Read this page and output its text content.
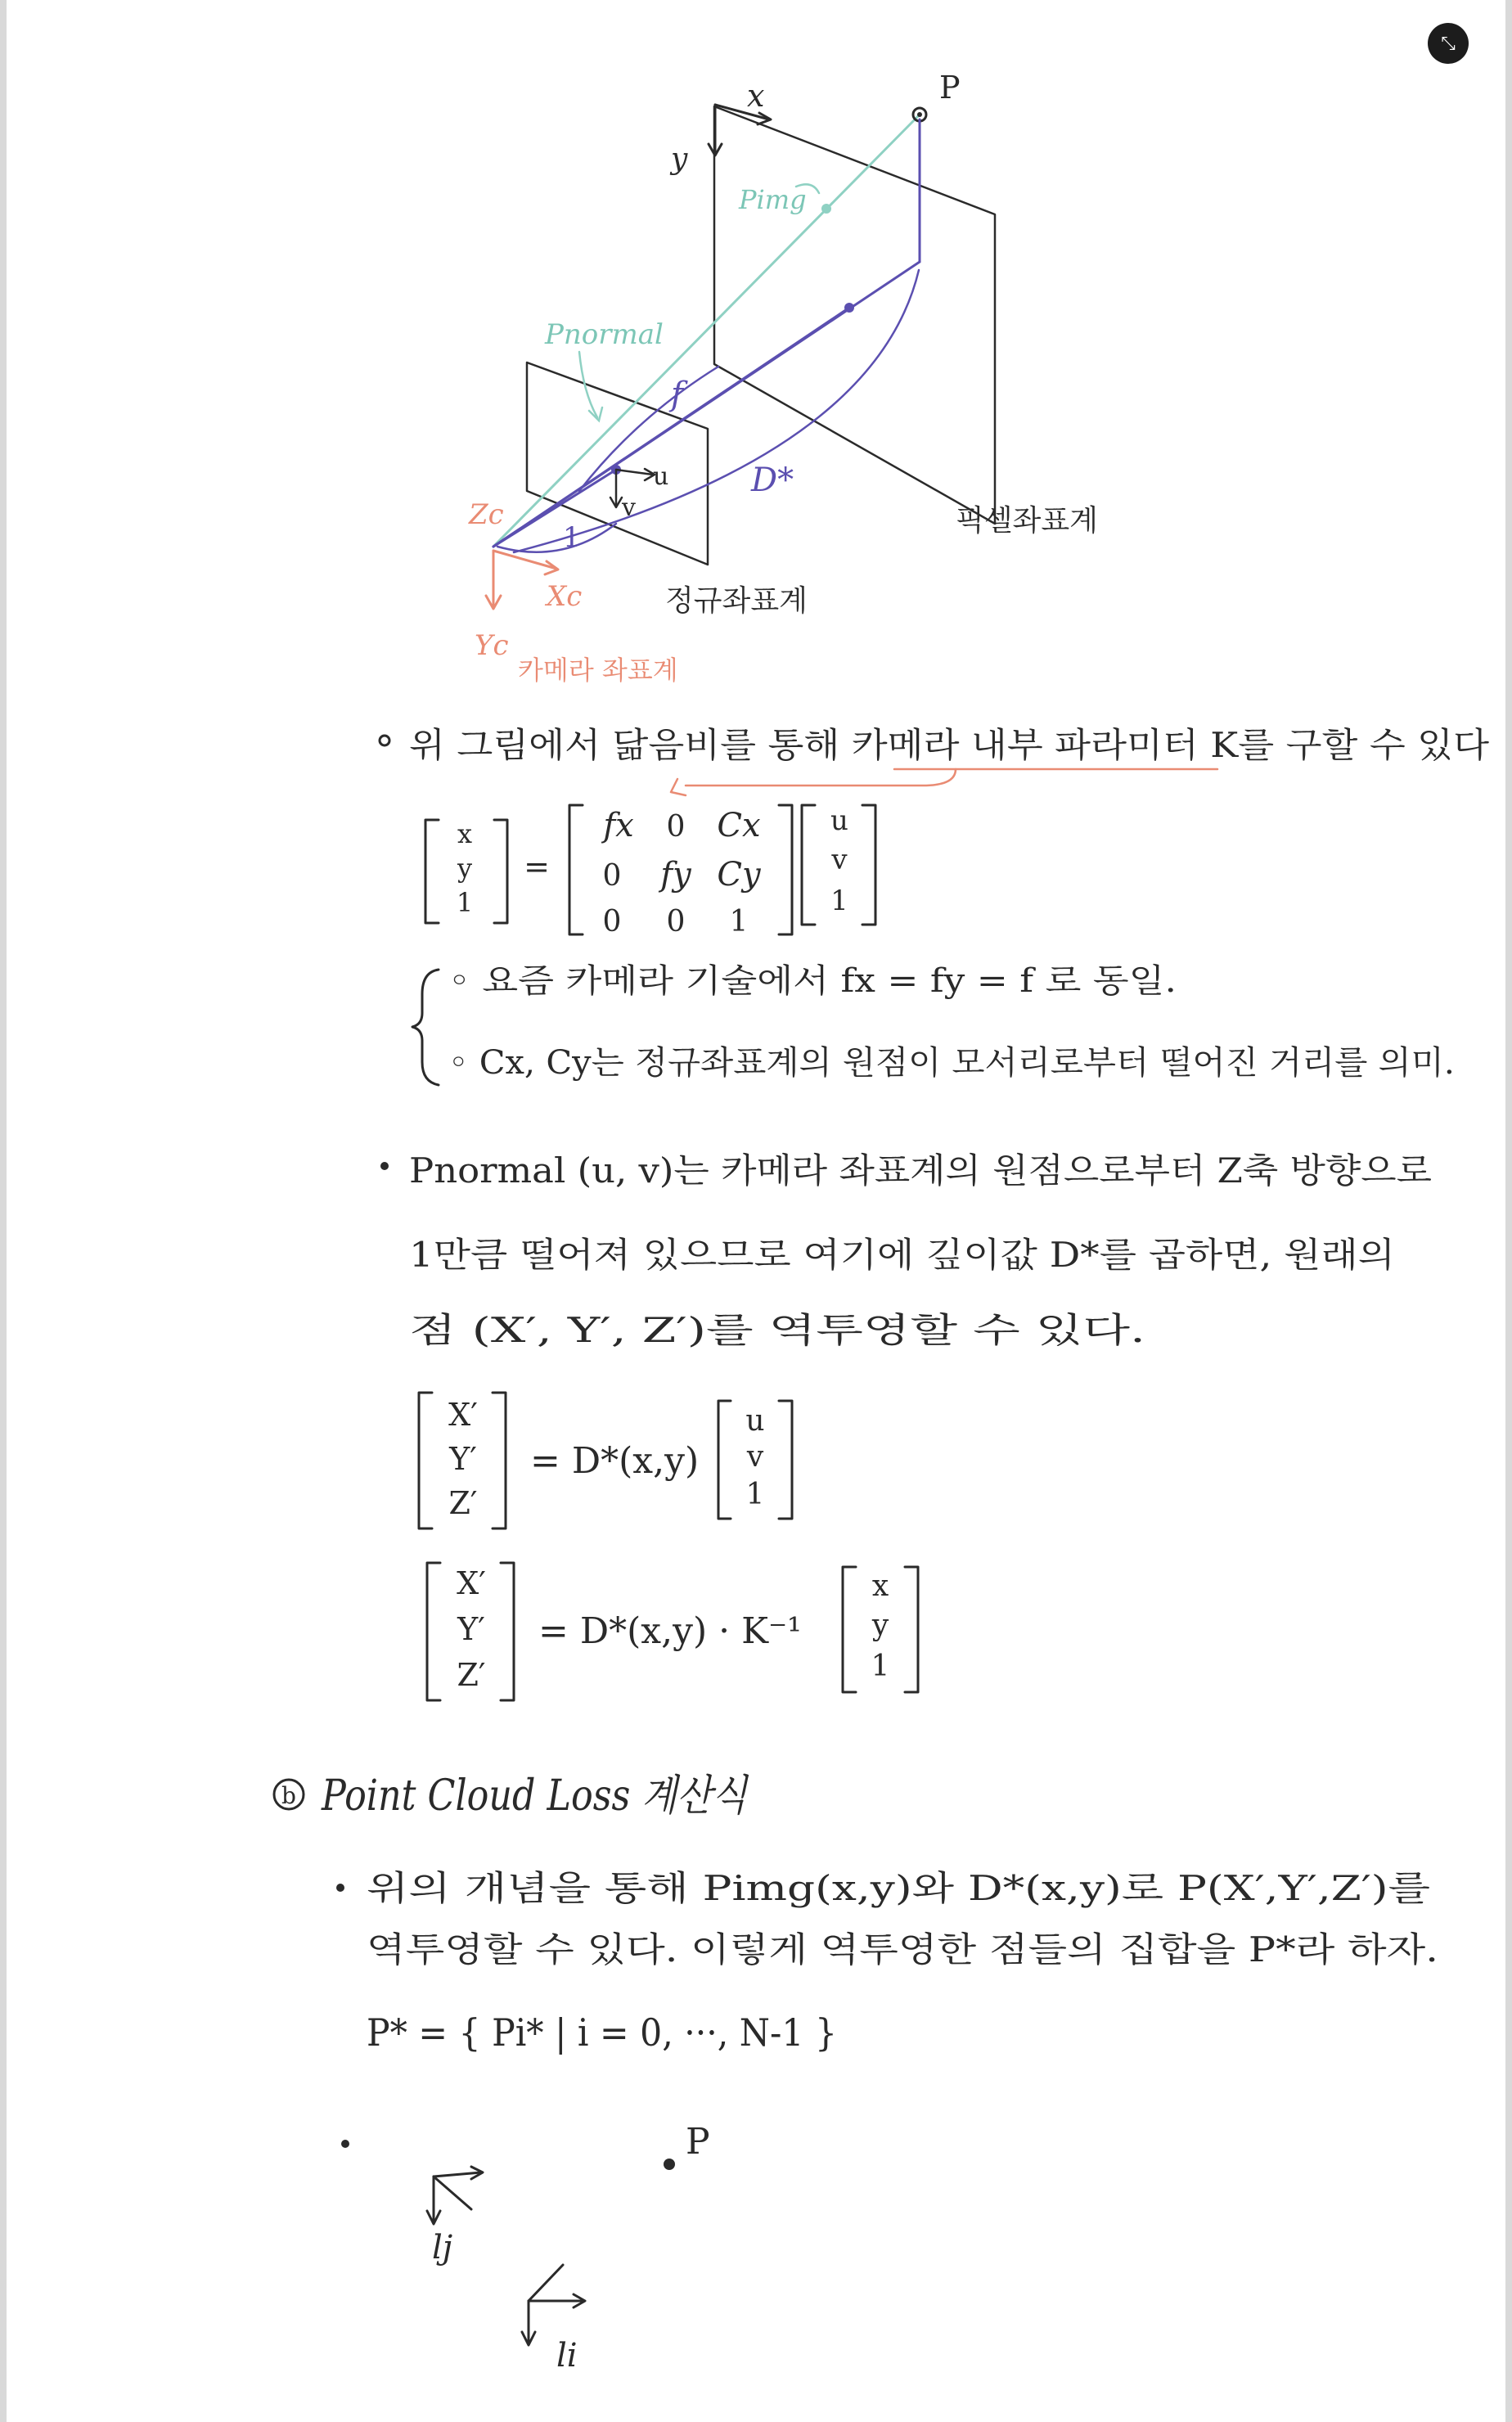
x
y
P
Pimg
f
D*
1
u
v
Pnormal
Zc
Xc
Yc
카메라 좌표계
픽셀좌표계
정규좌표계
위 그림에서 닮음비를 통해 카메라 내부 파라미터 K를 구할 수 있다
x
y
1
=
fx 0 Cx
0 fy Cy
0 0 1
u
v
1
◦ 요즘 카메라 기술에서 fx = fy = f 로 동일.
◦ Cx, Cy는 정규좌표계의 원점이 모서리로부터 떨어진 거리를 의미.
Pnormal (u, v)는 카메라 좌표계의 원점으로부터 Z축 방향으로
1만큼 떨어져 있으므로 여기에 깊이값 D*를 곱하면, 원래의
점 (X′, Y′, Z′)를 역투영할 수 있다.
X′
Y′
Z′
= D*(x,y)
u
v
1
X′
Y′
Z′
= D*(x,y) · K⁻¹
x
y
1
b Point Cloud Loss 계산식
위의 개념을 통해 Pimg(x,y)와 D*(x,y)로 P(X′,Y′,Z′)를
역투영할 수 있다. 이렇게 역투영한 점들의 집합을 P*라 하자.
P* = { Pi* | i = 0, ···, N-1 }
P
lj
li
⤡
